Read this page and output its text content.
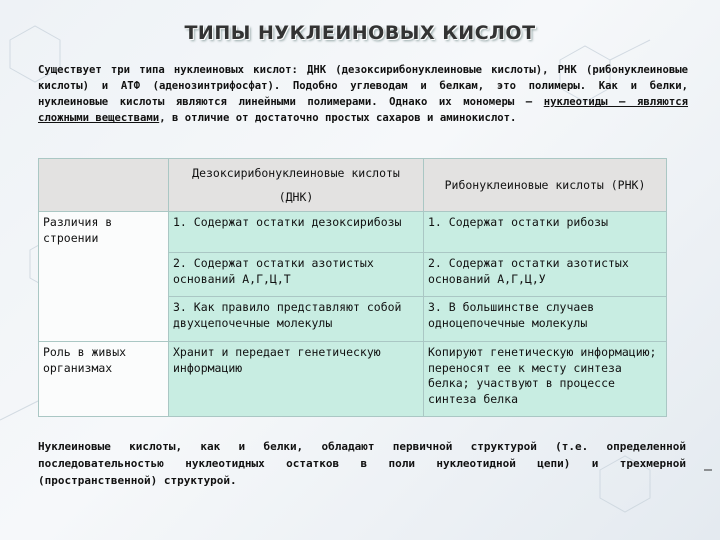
ТИПЫ НУКЛЕИНОВЫХ КИСЛОТ
Существует три типа нуклеиновых кислот: ДНК (дезоксирибонуклеиновые кислоты), РНК (рибонуклеиновые кислоты) и АТФ (аденозинтрифосфат). Подобно углеводам и белкам, это полимеры. Как и белки, нуклеиновые кислоты являются линейными полимерами. Однако их мономеры – нуклеотиды – являются сложными веществами, в отличие от достаточно простых сахаров и аминокислот.
	Дезоксирибонуклеиновые кислоты (ДНК)	Рибонуклеиновые кислоты (РНК)
Различия в строении	1. Содержат остатки дезоксирибозы	1. Содержат остатки рибозы
	2. Содержат остатки азотистых оснований А,Г,Ц,Т	2. Содержат остатки азотистых оснований А,Г,Ц,У
	3. Как правило представляют собой двухцепочечные молекулы	3. В большинстве случаев одноцепочечные молекулы
Роль в живых организмах	Хранит и передает генетическую информацию	Копируют генетическую информацию; переносят ее к месту синтеза белка; участвуют в процессе синтеза белка
Нуклеиновые кислоты, как и белки, обладают первичной структурой (т.е. определенной последовательностью нуклеотидных остатков в поли нуклеотидной цепи) и трехмерной (пространственной) структурой.
